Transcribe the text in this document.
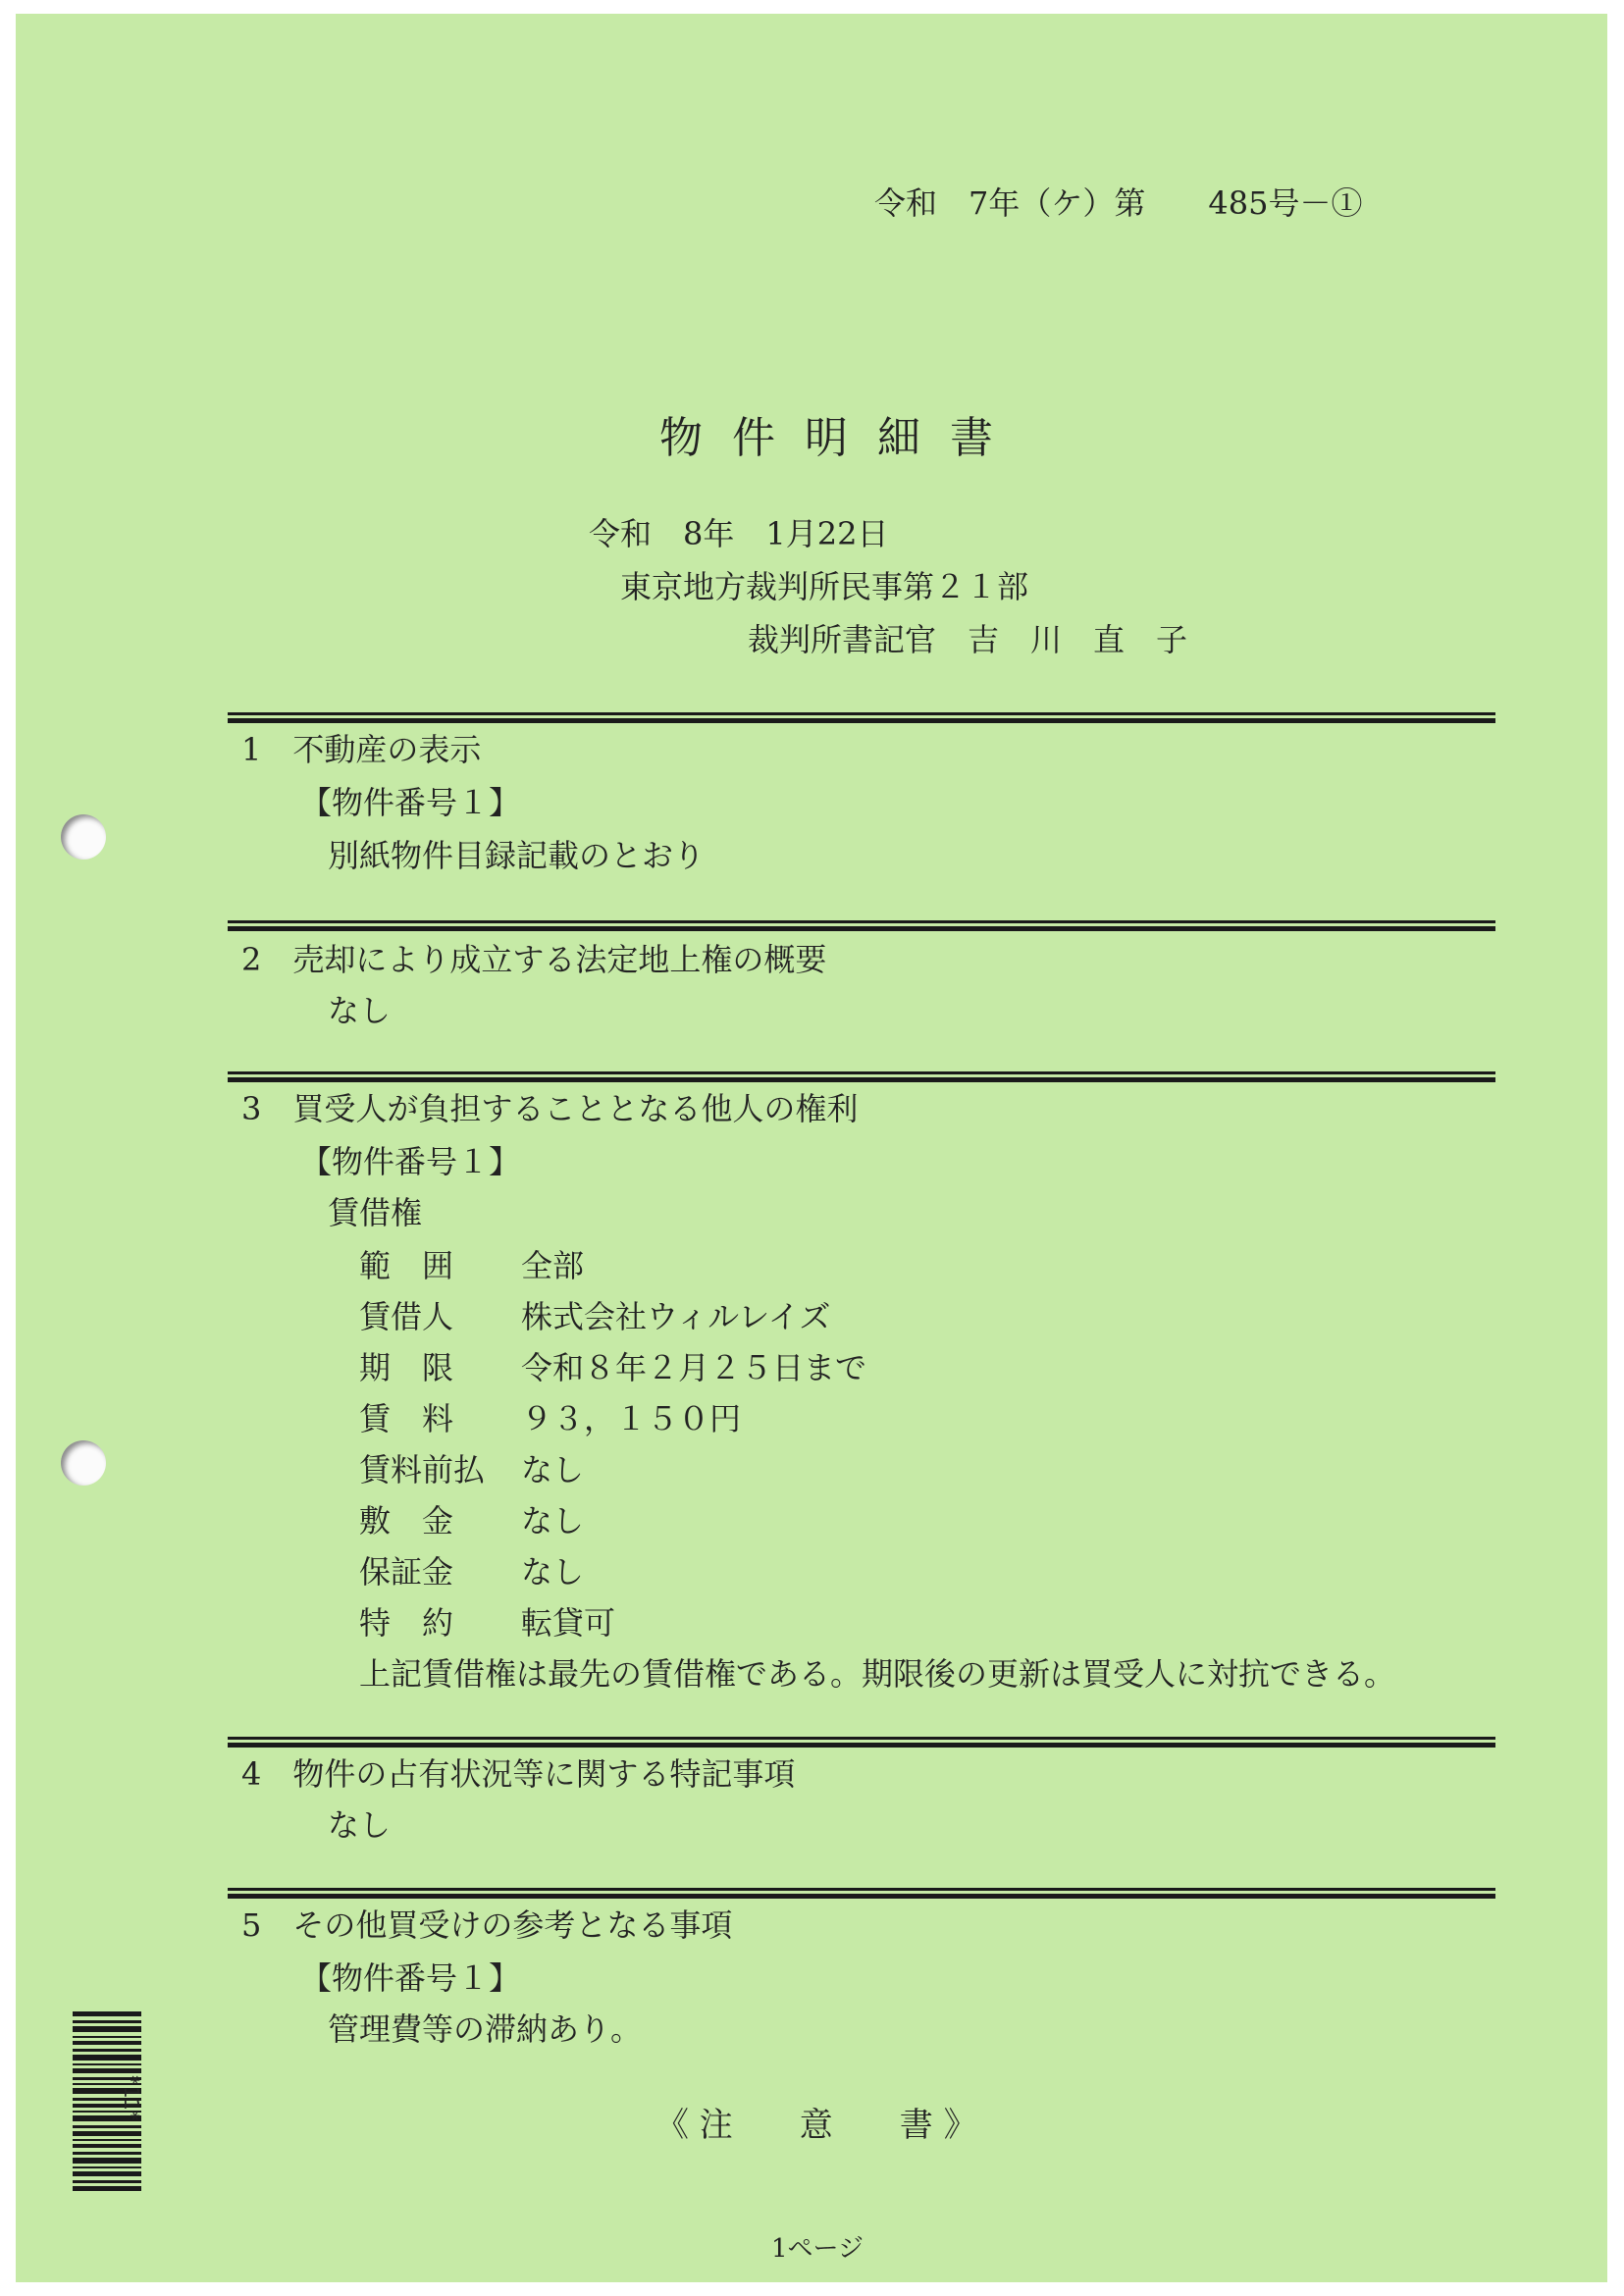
令和　7年（ケ）第　　485号－①
物件明細書
令和　8年　1月22日
東京地方裁判所民事第２１部
裁判所書記官　吉　川　直　子
1　不動産の表示
【物件番号１】
別紙物件目録記載のとおり
2　売却により成立する法定地上権の概要
なし
3　買受人が負担することとなる他人の権利
【物件番号１】
賃借権
範　囲 全部
賃借人 株式会社ウィルレイズ
期　限 令和８年２月２５日まで
賃　料 ９３，１５０円
賃料前払 なし
敷　金 なし
保証金 なし
特　約 転貸可
上記賃借権は最先の賃借権である。期限後の更新は買受人に対抗できる。
4　物件の占有状況等に関する特記事項
なし
5　その他買受けの参考となる事項
【物件番号１】
管理費等の滞納あり。
《 注　　意　　書 》
1ページ
*11*
